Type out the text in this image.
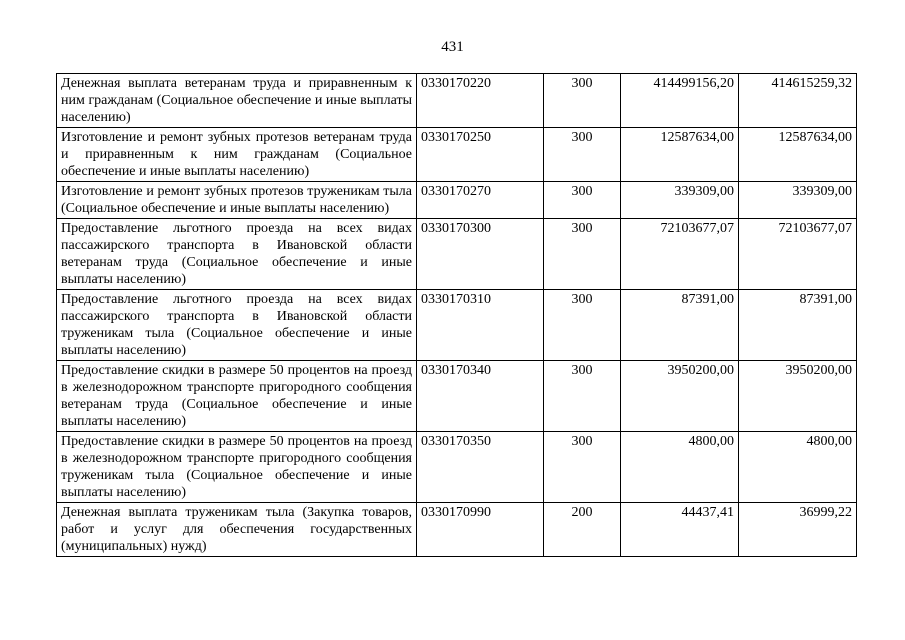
431
Денежная выплата ветеранам труда и приравненным к ним гражданам (Социальное обеспечение и иные выплаты населению)	0330170220	300	414499156,20	414615259,32
Изготовление и ремонт зубных протезов ветеранам труда и приравненным к ним гражданам (Социальное обеспечение и иные выплаты населению)	0330170250	300	12587634,00	12587634,00
Изготовление и ремонт зубных протезов труженикам тыла (Социальное обеспечение и иные выплаты населению)	0330170270	300	339309,00	339309,00
Предоставление льготного проезда на всех видах пассажирского транспорта в Ивановской области ветеранам труда (Социальное обеспечение и иные выплаты населению)	0330170300	300	72103677,07	72103677,07
Предоставление льготного проезда на всех видах пассажирского транспорта в Ивановской области труженикам тыла (Социальное обеспечение и иные выплаты населению)	0330170310	300	87391,00	87391,00
Предоставление скидки в размере 50 процентов на проезд в железнодорожном транспорте пригородного сообщения ветеранам труда (Социальное обеспечение и иные выплаты населению)	0330170340	300	3950200,00	3950200,00
Предоставление скидки в размере 50 процентов на проезд в железнодорожном транспорте пригородного сообщения труженикам тыла (Социальное обеспечение и иные выплаты населению)	0330170350	300	4800,00	4800,00
Денежная выплата труженикам тыла (Закупка товаров, работ и услуг для обеспечения государственных (муниципальных) нужд)	0330170990	200	44437,41	36999,22
